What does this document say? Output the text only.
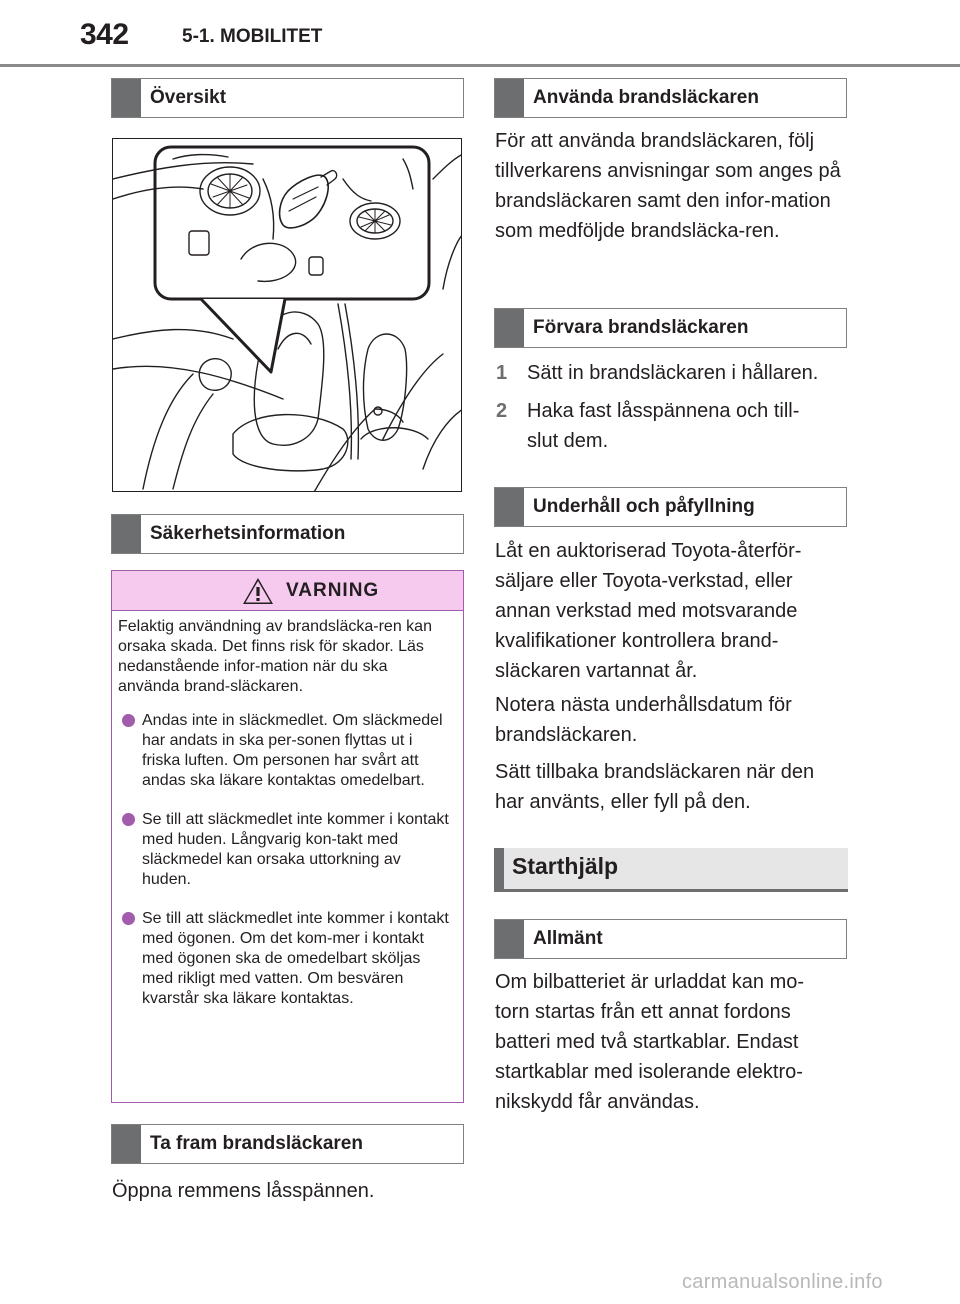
342	5-1. MOBILITET
Översikt
Säkerhetsinformation
VARNING

Felaktig användning av brandsläcka-ren kan orsaka skada. Det finns risk för skador. Läs nedanstående infor-mation när du ska använda brand-släckaren.

Andas inte in släckmedlet. Om släckmedel har andats in ska per-sonen flyttas ut i friska luften. Om personen har svårt att andas ska läkare kontaktas omedelbart.
Se till att släckmedlet inte kommer i kontakt med huden. Långvarig kon-takt med släckmedel kan orsaka uttorkning av huden.
Se till att släckmedlet inte kommer i kontakt med ögonen. Om det kom-mer i kontakt med ögonen ska de omedelbart sköljas med rikligt med vatten. Om besvären kvarstår ska läkare kontaktas.
Ta fram brandsläckaren

Öppna remmens låsspännen.

Använda brandsläckaren

För att använda brandsläckaren, följ tillverkarens anvisningar som anges på brandsläckaren samt den infor-mation som medföljde brandsläcka-ren.

Förvara brandsläckaren
1 Sätt in brandsläckaren i hållaren.
2 Haka fast låsspännena och till-slut dem.
Underhåll och påfyllning

Låt en auktoriserad Toyota-återför-säljare eller Toyota-verkstad, eller annan verkstad med motsvarande kvalifikationer kontrollera brand-släckaren vartannat år.

Notera nästa underhållsdatum för brandsläckaren.

Sätt tillbaka brandsläckaren när den har använts, eller fyll på den.

Starthjälp
Allmänt

Om bilbatteriet är urladdat kan mo-torn startas från ett annat fordons batteri med två startkablar. Endast startkablar med isolerande elektro-nikskydd får användas.

carmanualsonline.info
